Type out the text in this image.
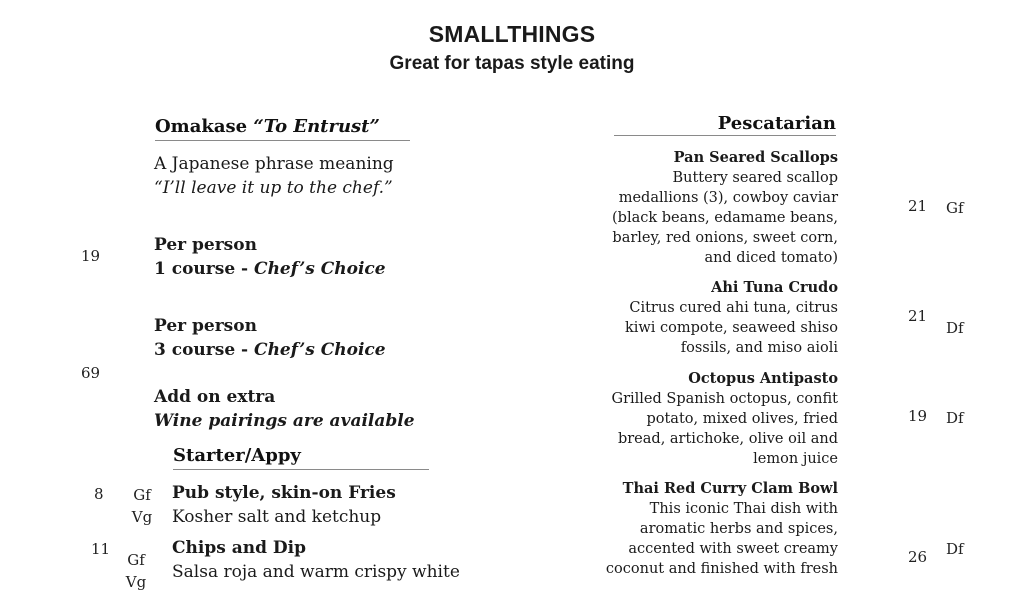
SMALLTHINGS
Great for tapas style eating
Omakase “To Entrust”
A Japanese phrase meaning
“I’ll leave it up to the chef.”
19
Per person
1 course - Chef’s Choice
69
Per person
3 course - Chef’s Choice
Add on extra
Wine pairings are available
Starter/Appy
8	Gf
Vg
Pub style, skin-on Fries
Kosher salt and ketchup
11
Gf
Vg
Chips and Dip
Salsa roja and warm crispy white
Pescatarian
Pan Seared Scallops
Buttery seared scallop
medallions (3), cowboy caviar
(black beans, edamame beans,
barley, red onions, sweet corn,
and diced tomato)
21 Gf
Ahi Tuna Crudo
Citrus cured ahi tuna, citrus
kiwi compote, seaweed shiso
fossils, and miso aioli
21
Df
Octopus Antipasto
Grilled Spanish octopus, confit
potato, mixed olives, fried
bread, artichoke, olive oil and
lemon juice
19 Df
Thai Red Curry Clam Bowl
This iconic Thai dish with
aromatic herbs and spices,
accented with sweet creamy
coconut and finished with fresh
26 Df
